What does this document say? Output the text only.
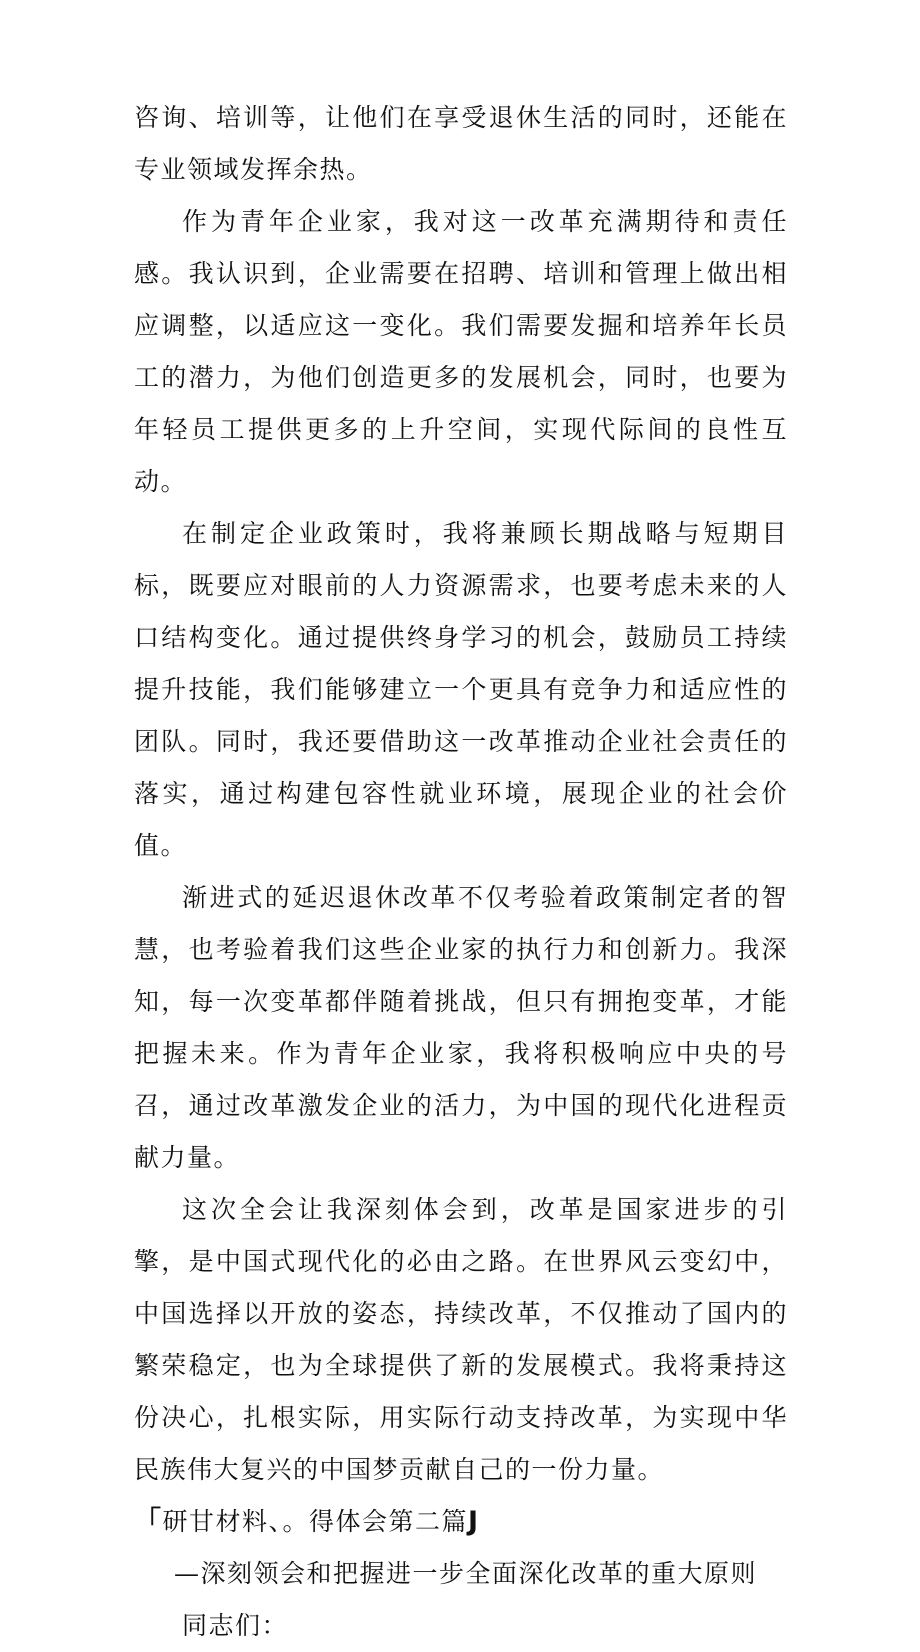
咨询、培训等，让他们在享受退休生活的同时，还能在专业领域发挥余热。

作为青年企业家，我对这一改革充满期待和责任感。我认识到，企业需要在招聘、培训和管理上做出相应调整，以适应这一变化。我们需要发掘和培养年长员工的潜力，为他们创造更多的发展机会，同时，也要为年轻员工提供更多的上升空间，实现代际间的良性互动。

在制定企业政策时，我将兼顾长期战略与短期目标，既要应对眼前的人力资源需求，也要考虑未来的人口结构变化。通过提供终身学习的机会，鼓励员工持续提升技能，我们能够建立一个更具有竞争力和适应性的团队。同时，我还要借助这一改革推动企业社会责任的落实，通过构建包容性就业环境，展现企业的社会价值。

渐进式的延迟退休改革不仅考验着政策制定者的智慧，也考验着我们这些企业家的执行力和创新力。我深知，每一次变革都伴随着挑战，但只有拥抱变革，才能把握未来。作为青年企业家，我将积极响应中央的号召，通过改革激发企业的活力，为中国的现代化进程贡献力量。

这次全会让我深刻体会到，改革是国家进步的引擎，是中国式现代化的必由之路。在世界风云变幻中，中国选择以开放的姿态，持续改革，不仅推动了国内的繁荣稳定，也为全球提供了新的发展模式。我将秉持这份决心，扎根实际，用实际行动支持改革，为实现中华民族伟大复兴的中国梦贡献自己的一份力量。

「研甘材料、。得体会第二篇J

—深刻领会和把握进一步全面深化改革的重大原则

同志们：
